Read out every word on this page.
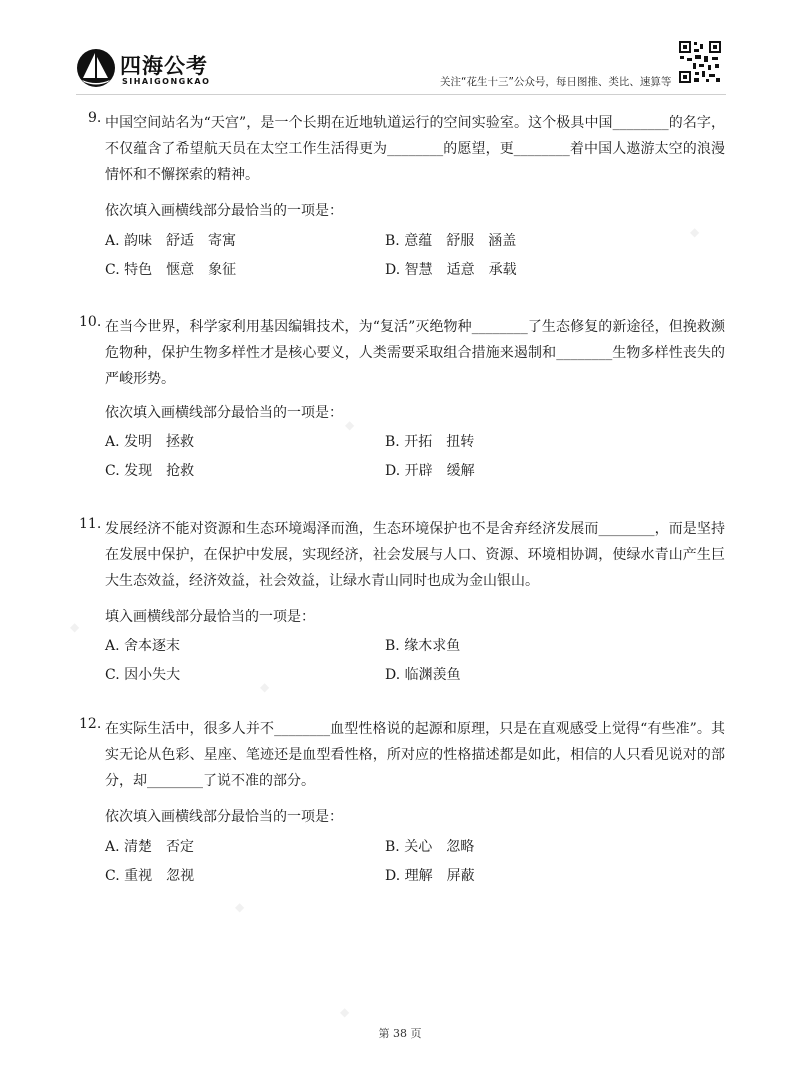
四海公考
SIHAIGONGKAO	关注“花生十三”公众号，每日图推、类比、速算等
◆
◆
◆
◆
◆
◆
9. 中国空间站名为“天宫”，是一个长期在近地轨道运行的空间实验室。这个极具中国________的名字，不仅蕴含了希望航天员在太空工作生活得更为________的愿望，更________着中国人遨游太空的浪漫情怀和不懈探索的精神。
依次填入画横线部分最恰当的一项是：
A. 韵味　舒适　寄寓	B. 意蕴　舒服　涵盖
C. 特色　惬意　象征	D. 智慧　适意　承载
10. 在当今世界，科学家利用基因编辑技术，为“复活”灭绝物种________了生态修复的新途径，但挽救濒危物种，保护生物多样性才是核心要义，人类需要采取组合措施来遏制和________生物多样性丧失的严峻形势。
依次填入画横线部分最恰当的一项是：
A. 发明　拯救	B. 开拓　扭转
C. 发现　抢救	D. 开辟　缓解
11. 发展经济不能对资源和生态环境竭泽而渔，生态环境保护也不是舍弃经济发展而________，而是坚持在发展中保护，在保护中发展，实现经济，社会发展与人口、资源、环境相协调，使绿水青山产生巨大生态效益，经济效益，社会效益，让绿水青山同时也成为金山银山。
填入画横线部分最恰当的一项是：
A. 舍本逐末	B. 缘木求鱼
C. 因小失大	D. 临渊羡鱼
12. 在实际生活中，很多人并不________血型性格说的起源和原理，只是在直观感受上觉得“有些准”。其实无论从色彩、星座、笔迹还是血型看性格，所对应的性格描述都是如此，相信的人只看见说对的部分，却________了说不准的部分。
依次填入画横线部分最恰当的一项是：
A. 清楚　否定	B. 关心　忽略
C. 重视　忽视	D. 理解　屏蔽
第 38 页
